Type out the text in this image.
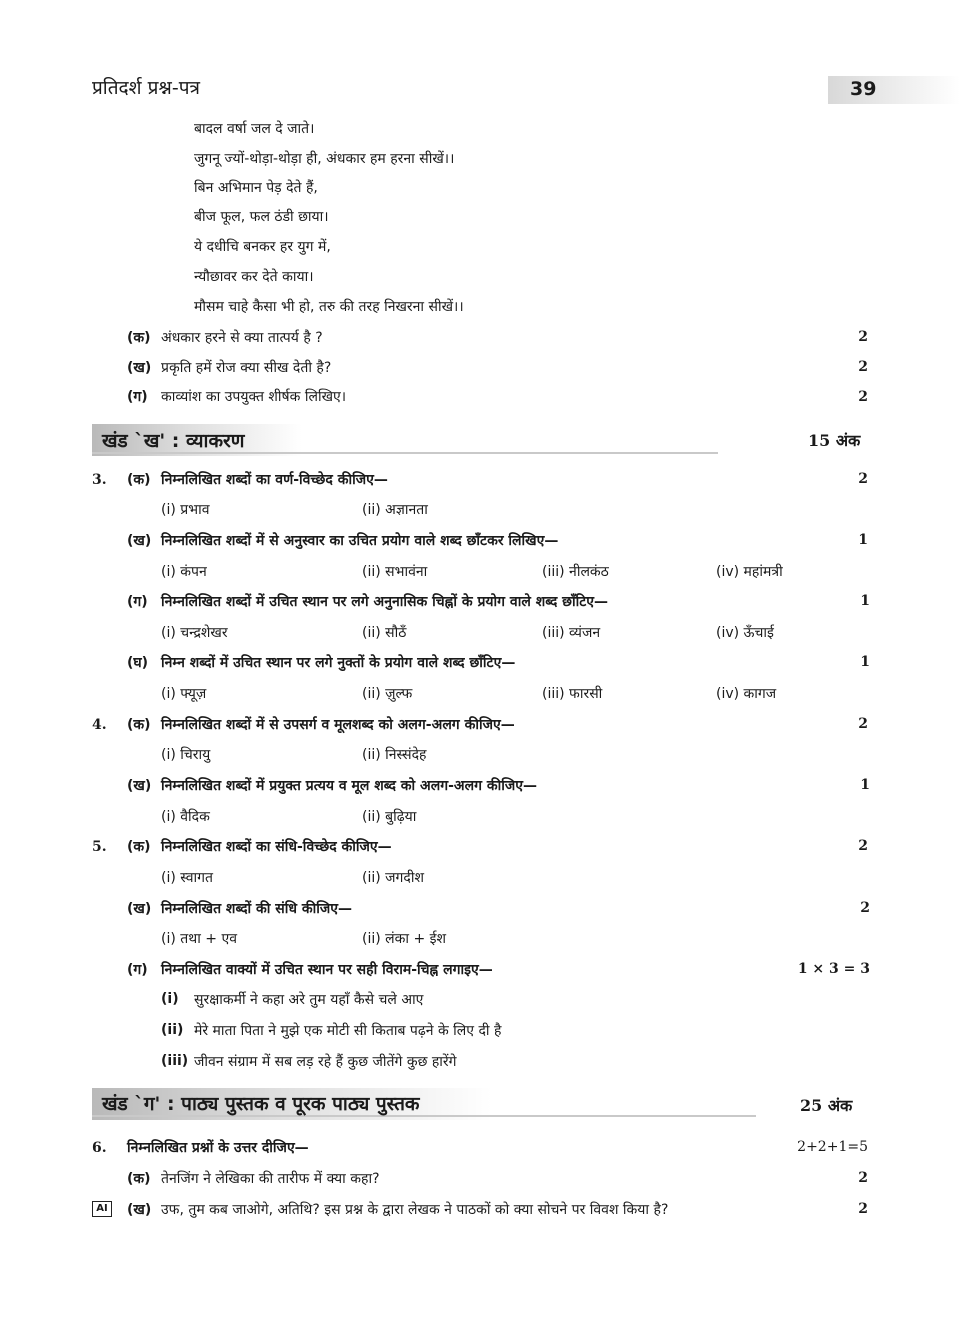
प्रतिदर्श प्रश्न-पत्र	39
बादल वर्षा जल दे जाते।
जुगनू ज्यों-थोड़ा-थोड़ा ही, अंधकार हम हरना सीखें।।
बिन अभिमान पेड़ देते हैं,
बीज फूल, फल ठंडी छाया।
ये दधीचि बनकर हर युग में,
न्यौछावर कर देते काया।
मौसम चाहे कैसा भी हो, तरु की तरह निखरना सीखें।।
(क) अंधकार हरने से क्या तात्पर्य है ?	2
(ख) प्रकृति हमें रोज क्या सीख देती है?	2
(ग) काव्यांश का उपयुक्त शीर्षक लिखिए।	2
खंड `ख' : व्याकरण	15 अंक
3. (क) निम्नलिखित शब्दों का वर्ण-विच्छेद कीजिए—	2
(i) प्रभाव	(ii) अज्ञानता
(ख) निम्नलिखित शब्दों में से अनुस्वार का उचित प्रयोग वाले शब्द छाँटकर लिखिए—	1
(i) कंपन	(ii) सभावंना	(iii) नीलकंठ	(iv) महांमत्री
(ग) निम्नलिखित शब्दों में उचित स्थान पर लगे अनुनासिक चिह्नों के प्रयोग वाले शब्द छाँटिए—	1
(i) चन्द्रशेखर	(ii) सौठँ	(iii) व्यंजन	(iv) ऊँचाई
(घ) निम्न शब्दों में उचित स्थान पर लगे नुक्तों के प्रयोग वाले शब्द छाँटिए—	1
(i) फ्यूज़	(ii) ज़ुल्फ	(iii) फारसी	(iv) कागज
4. (क) निम्नलिखित शब्दों में से उपसर्ग व मूलशब्द को अलग-अलग कीजिए—	2
(i) चिरायु	(ii) निस्संदेह
(ख) निम्नलिखित शब्दों में प्रयुक्त प्रत्यय व मूल शब्द को अलग-अलग कीजिए—	1
(i) वैदिक	(ii) बुढ़िया
5. (क) निम्नलिखित शब्दों का संधि-विच्छेद कीजिए—	2
(i) स्वागत	(ii) जगदीश
(ख) निम्नलिखित शब्दों की संधि कीजिए—	2
(i) तथा + एव	(ii) लंका + ईश
(ग) निम्नलिखित वाक्यों में उचित स्थान पर सही विराम-चिह्न लगाइए—	1 × 3 = 3
(i) सुरक्षाकर्मी ने कहा अरे तुम यहाँ कैसे चले आए
(ii) मेरे माता पिता ने मुझे एक मोटी सी किताब पढ़ने के लिए दी है
(iii) जीवन संग्राम में सब लड़ रहे हैं कुछ जीतेंगे कुछ हारेंगे
खंड `ग' : पाठ्य पुस्तक व पूरक पाठ्य पुस्तक	25 अंक
6. निम्नलिखित प्रश्नों के उत्तर दीजिए—	2+2+1=5
(क) तेनजिंग ने लेखिका की तारीफ में क्या कहा?	2
AI	(ख) उफ, तुम कब जाओगे, अतिथि? इस प्रश्न के द्वारा लेखक ने पाठकों को क्या सोचने पर विवश किया है?	2
